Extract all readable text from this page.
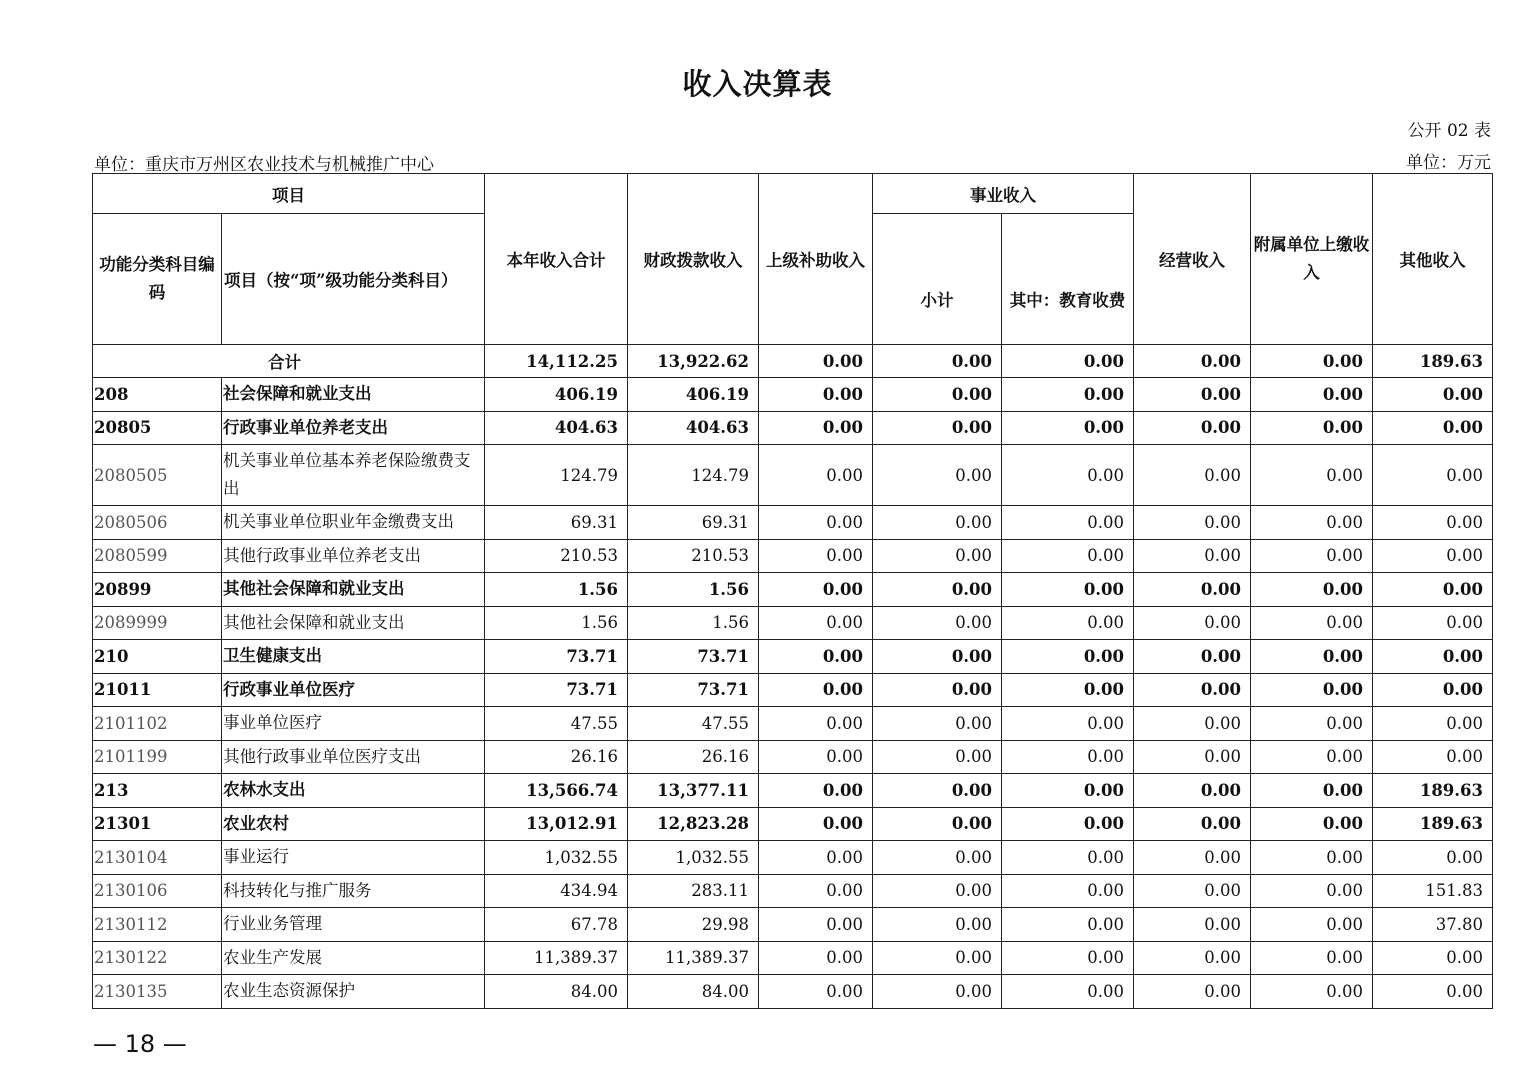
收入决算表
公开 02 表
单位：重庆市万州区农业技术与机械推广中心	单位：万元
项目		本年收入合计	财政拨款收入	上级补助收入	事业收入		经营收入	附属单位上缴收入	其他收入
功能分类科目编码	项目（按“项”级功能分类科目）				小计	其中：教育收费			
合计		14,112.25	13,922.62	0.00	0.00	0.00	0.00	0.00	189.63
208	社会保障和就业支出	406.19	406.19	0.00	0.00	0.00	0.00	0.00	0.00
20805	行政事业单位养老支出	404.63	404.63	0.00	0.00	0.00	0.00	0.00	0.00
2080505	机关事业单位基本养老保险缴费支出	124.79	124.79	0.00	0.00	0.00	0.00	0.00	0.00
2080506	机关事业单位职业年金缴费支出	69.31	69.31	0.00	0.00	0.00	0.00	0.00	0.00
2080599	其他行政事业单位养老支出	210.53	210.53	0.00	0.00	0.00	0.00	0.00	0.00
20899	其他社会保障和就业支出	1.56	1.56	0.00	0.00	0.00	0.00	0.00	0.00
2089999	其他社会保障和就业支出	1.56	1.56	0.00	0.00	0.00	0.00	0.00	0.00
210	卫生健康支出	73.71	73.71	0.00	0.00	0.00	0.00	0.00	0.00
21011	行政事业单位医疗	73.71	73.71	0.00	0.00	0.00	0.00	0.00	0.00
2101102	事业单位医疗	47.55	47.55	0.00	0.00	0.00	0.00	0.00	0.00
2101199	其他行政事业单位医疗支出	26.16	26.16	0.00	0.00	0.00	0.00	0.00	0.00
213	农林水支出	13,566.74	13,377.11	0.00	0.00	0.00	0.00	0.00	189.63
21301	农业农村	13,012.91	12,823.28	0.00	0.00	0.00	0.00	0.00	189.63
2130104	事业运行	1,032.55	1,032.55	0.00	0.00	0.00	0.00	0.00	0.00
2130106	科技转化与推广服务	434.94	283.11	0.00	0.00	0.00	0.00	0.00	151.83
2130112	行业业务管理	67.78	29.98	0.00	0.00	0.00	0.00	0.00	37.80
2130122	农业生产发展	11,389.37	11,389.37	0.00	0.00	0.00	0.00	0.00	0.00
2130135	农业生态资源保护	84.00	84.00	0.00	0.00	0.00	0.00	0.00	0.00
— 18 —
